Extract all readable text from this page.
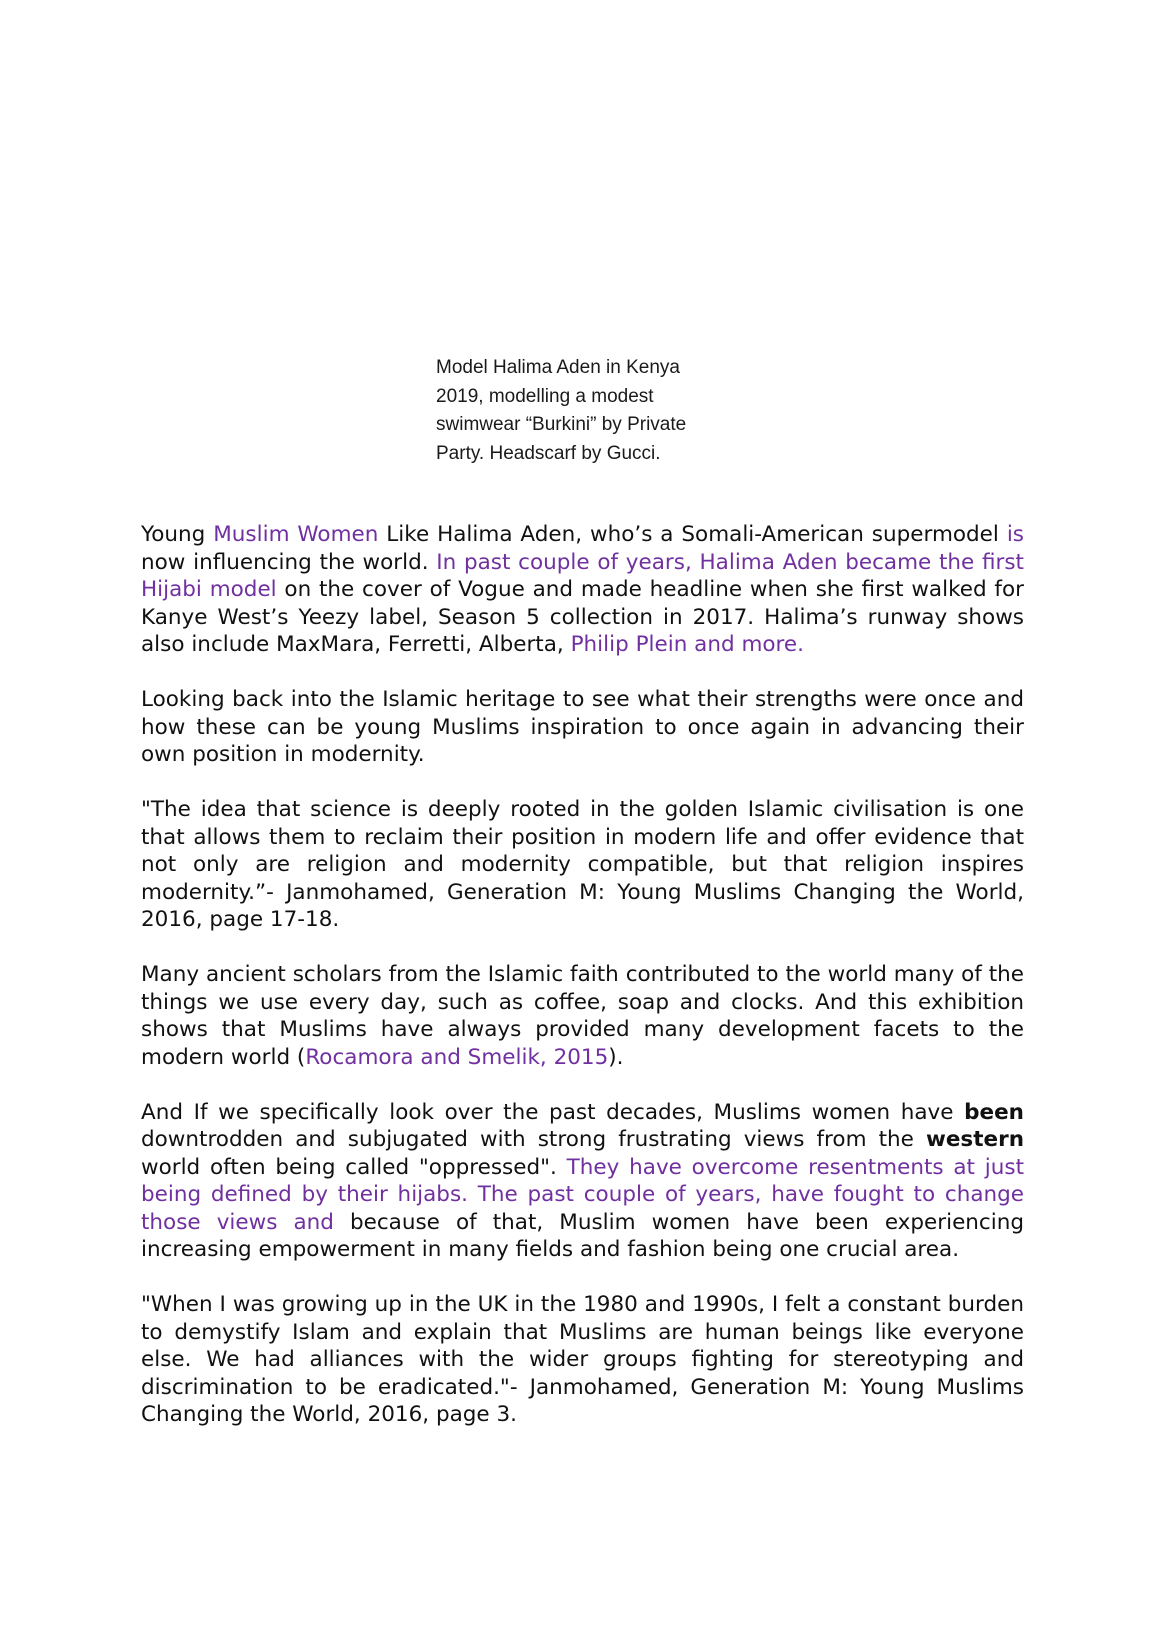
Model Halima Aden in Kenya
2019, modelling a modest
swimwear “Burkini” by Private
Party. Headscarf by Gucci.

Young Muslim Women Like Halima Aden, who’s a Somali-American supermodel is now influencing the world. In past couple of years, Halima Aden became the first Hijabi model on the cover of Vogue and made headline when she first walked for Kanye West’s Yeezy label, Season 5 collection in 2017. Halima’s runway shows also include MaxMara, Ferretti, Alberta, Philip Plein and more.

Looking back into the Islamic heritage to see what their strengths were once and how these can be young Muslims inspiration to once again in advancing their own position in modernity.

"The idea that science is deeply rooted in the golden Islamic civilisation is one that allows them to reclaim their position in modern life and offer evidence that not only are religion and modernity compatible, but that religion inspires modernity.”- Janmohamed, Generation M: Young Muslims Changing the World, 2016, page 17-18.

Many ancient scholars from the Islamic faith contributed to the world many of the things we use every day, such as coffee, soap and clocks. And this exhibition shows that Muslims have always provided many development facets to the modern world (Rocamora and Smelik, 2015).

And If we specifically look over the past decades, Muslims women have been downtrodden and subjugated with strong frustrating views from the western world often being called "oppressed". They have overcome resentments at just being defined by their hijabs. The past couple of years, have fought to change those views and because of that, Muslim women have been experiencing increasing empowerment in many fields and fashion being one crucial area.

"When I was growing up in the UK in the 1980 and 1990s, I felt a constant burden to demystify Islam and explain that Muslims are human beings like everyone else. We had alliances with the wider groups fighting for stereotyping and discrimination to be eradicated."- Janmohamed, Generation M: Young Muslims Changing the World, 2016, page 3.
